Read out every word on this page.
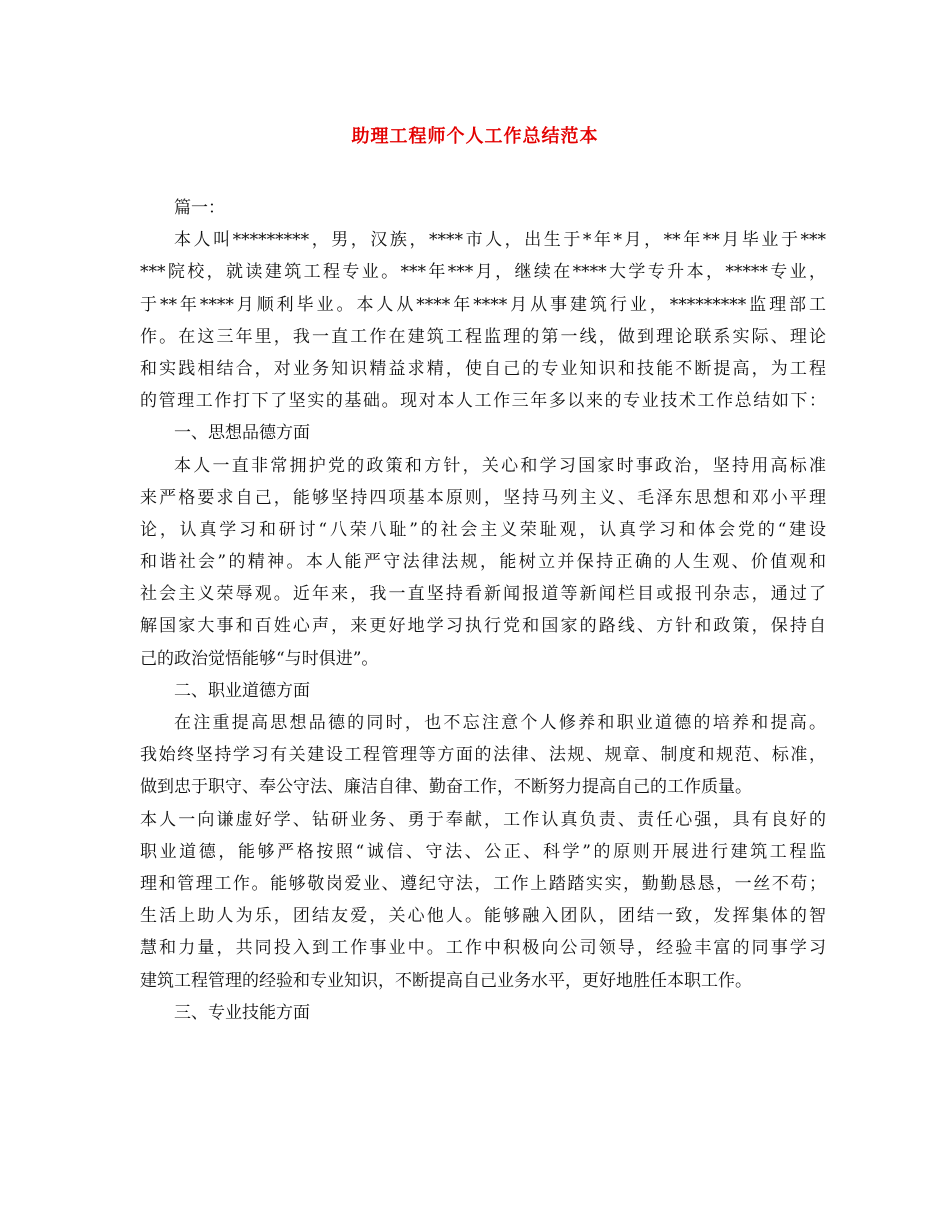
助理工程师个人工作总结范本
篇一：
本人叫*********，男，汉族，****市人，出生于*年*月，**年**月毕业于***
***院校，就读建筑工程专业。***年***月，继续在****大学专升本，*****专业，
于**年****月顺利毕业。本人从****年****月从事建筑行业，*********监理部工
作。在这三年里，我一直工作在建筑工程监理的第一线，做到理论联系实际、理论
和实践相结合，对业务知识精益求精，使自己的专业知识和技能不断提高，为工程
的管理工作打下了坚实的基础。现对本人工作三年多以来的专业技术工作总结如下：
一、思想品德方面
本人一直非常拥护党的政策和方针，关心和学习国家时事政治，坚持用高标准
来严格要求自己，能够坚持四项基本原则，坚持马列主义、毛泽东思想和邓小平理
论，认真学习和研讨“八荣八耻”的社会主义荣耻观，认真学习和体会党的“建设
和谐社会”的精神。本人能严守法律法规，能树立并保持正确的人生观、价值观和
社会主义荣辱观。近年来，我一直坚持看新闻报道等新闻栏目或报刊杂志，通过了
解国家大事和百姓心声，来更好地学习执行党和国家的路线、方针和政策，保持自
己的政治觉悟能够“与时俱进”。
二、职业道德方面
在注重提高思想品德的同时，也不忘注意个人修养和职业道德的培养和提高。
我始终坚持学习有关建设工程管理等方面的法律、法规、规章、制度和规范、标准，
做到忠于职守、奉公守法、廉洁自律、勤奋工作，不断努力提高自己的工作质量。
本人一向谦虚好学、钻研业务、勇于奉献，工作认真负责、责任心强，具有良好的
职业道德，能够严格按照“诚信、守法、公正、科学”的原则开展进行建筑工程监
理和管理工作。能够敬岗爱业、遵纪守法，工作上踏踏实实，勤勤恳恳，一丝不苟；
生活上助人为乐，团结友爱，关心他人。能够融入团队，团结一致，发挥集体的智
慧和力量，共同投入到工作事业中。工作中积极向公司领导，经验丰富的同事学习
建筑工程管理的经验和专业知识，不断提高自己业务水平，更好地胜任本职工作。
三、专业技能方面
